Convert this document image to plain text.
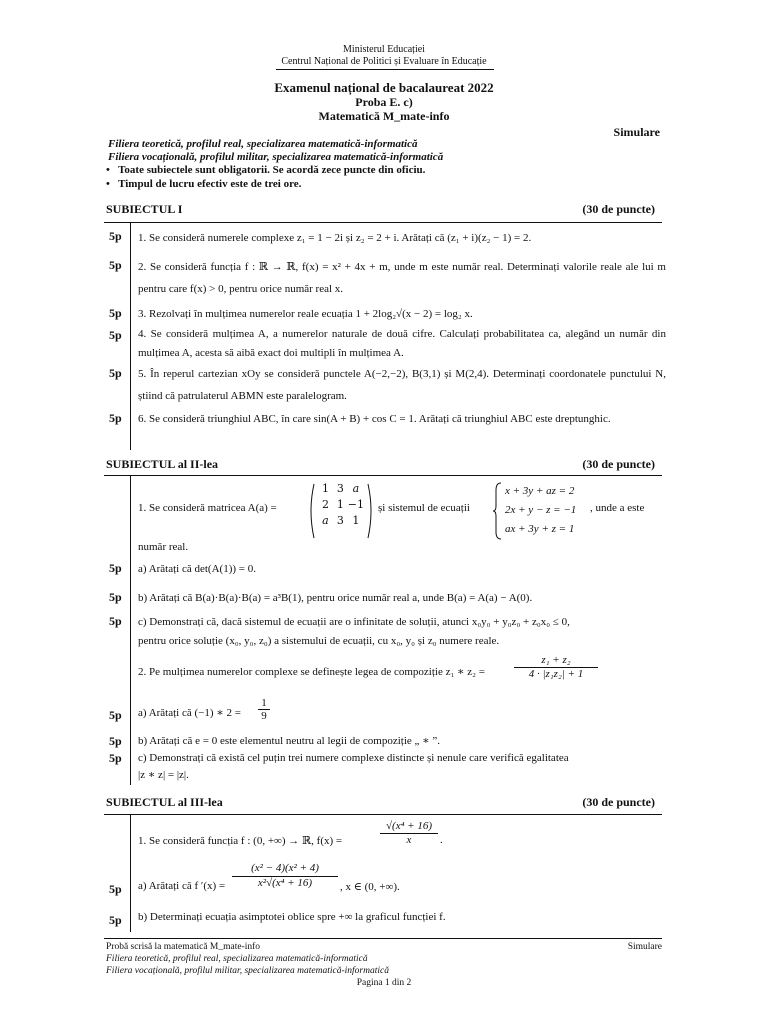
Ministerul Educației
Centrul Național de Politici și Evaluare în Educație
Examenul național de bacalaureat 2022
Proba E. c)
Matematică M_mate-info
Simulare
Filiera teoretică, profilul real, specializarea matematică-informatică
Filiera vocațională, profilul militar, specializarea matematică-informatică
•   Toate subiectele sunt obligatorii. Se acordă zece puncte din oficiu.
•   Timpul de lucru efectiv este de trei ore.
SUBIECTUL I	(30 de puncte)
5p	1. Se consideră numerele complexe z₁ = 1 − 2i și z₂ = 2 + i. Arătați că (z₁ + i)(z₂ − 1) = 2.
5p	2. Se consideră funcția f : ℝ → ℝ, f(x) = x² + 4x + m, unde m este număr real. Determinați valorile reale ale lui m pentru care f(x) > 0, pentru orice număr real x.
5p	3. Rezolvați în mulțimea numerelor reale ecuația 1 + 2log₂√(x − 2) = log₂ x.
5p	4. Se consideră mulțimea A, a numerelor naturale de două cifre. Calculați probabilitatea ca, alegând un număr din mulțimea A, acesta să aibă exact doi multipli în mulțimea A.
5p	5. În reperul cartezian xOy se consideră punctele A(−2,−2), B(3,1) și M(2,4). Determinați coordonatele punctului N, știind că patrulaterul ABMN este paralelogram.
5p	6. Se consideră triunghiul ABC, în care sin(A + B) + cos C = 1. Arătați că triunghiul ABC este dreptunghic.
SUBIECTUL al II-lea	(30 de puncte)
1. Se consideră matricea A(a) =
1 3 a
2 1 −1
a 3 1
și sistemul de ecuații
x + 3y + az = 2
2x + y − z = −1
ax + 3y + z = 1
, unde a este
număr real.
5p	a) Arătați că det(A(1)) = 0.
5p	b) Arătați că B(a)·B(a)·B(a) = a³B(1), pentru orice număr real a, unde B(a) = A(a) − A(0).
5p	c) Demonstrați că, dacă sistemul de ecuații are o infinitate de soluții, atunci x₀y₀ + y₀z₀ + z₀x₀ ≤ 0,
pentru orice soluție (x₀, y₀, z₀) a sistemului de ecuații, cu x₀, y₀ și z₀ numere reale.
2. Pe mulțimea numerelor complexe se definește legea de compoziție z₁ ∗ z₂ =
z₁ + z₂
4 · |z₁z₂| + 1
5p	a) Arătați că (−1) ∗ 2 =
1
9
5p	b) Arătați că e = 0 este elementul neutru al legii de compoziție „ ∗ ”.
5p	c) Demonstrați că există cel puțin trei numere complexe distincte și nenule care verifică egalitatea
|z ∗ z| = |z|.
SUBIECTUL al III-lea	(30 de puncte)
1. Se consideră funcția f : (0, +∞) → ℝ, f(x) =
√(x⁴ + 16)
x	.
5p	a) Arătați că f ′(x) =
(x² − 4)(x² + 4)
x²√(x⁴ + 16)	, x ∈ (0, +∞).
5p	b) Determinați ecuația asimptotei oblice spre +∞ la graficul funcției f.
Probă scrisă la matematică M_mate-info	Simulare
Filiera teoretică, profilul real, specializarea matematică-informatică
Filiera vocațională, profilul militar, specializarea matematică-informatică
Pagina 1 din 2
